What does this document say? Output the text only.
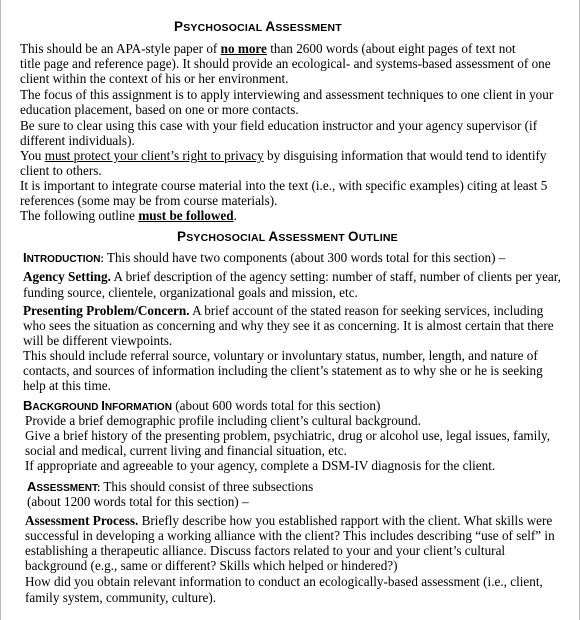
PSYCHOSOCIAL ASSESSMENT
This should be an APA-style paper of no more than 2600 words (about eight pages of text not
title page and reference page). It should provide an ecological- and systems-based assessment of one
client within the context of his or her environment.
The focus of this assignment is to apply interviewing and assessment techniques to one client in your
education placement, based on one or more contacts.
Be sure to clear using this case with your field education instructor and your agency supervisor (if
different individuals).
You must protect your client’s right to privacy by disguising information that would tend to identify
client to others.
It is important to integrate course material into the text (i.e., with specific examples) citing at least 5
references (some may be from course materials).
The following outline must be followed.
PSYCHOSOCIAL ASSESSMENT OUTLINE
INTRODUCTION: This should have two components (about 300 words total for this section) –
Agency Setting. A brief description of the agency setting: number of staff, number of clients per year,
funding source, clientele, organizational goals and mission, etc.
Presenting Problem/Concern. A brief account of the stated reason for seeking services, including
who sees the situation as concerning and why they see it as concerning. It is almost certain that there
will be different viewpoints.
This should include referral source, voluntary or involuntary status, number, length, and nature of
contacts, and sources of information including the client’s statement as to why she or he is seeking
help at this time.
BACKGROUND INFORMATION (about 600 words total for this section)
Provide a brief demographic profile including client’s cultural background.
Give a brief history of the presenting problem, psychiatric, drug or alcohol use, legal issues, family,
social and medical, current living and financial situation, etc.
If appropriate and agreeable to your agency, complete a DSM-IV diagnosis for the client.
ASSESSMENT: This should consist of three subsections
(about 1200 words total for this section) –
Assessment Process. Briefly describe how you established rapport with the client. What skills were
successful in developing a working alliance with the client? This includes describing “use of self” in
establishing a therapeutic alliance. Discuss factors related to your and your client’s cultural
background (e.g., same or different? Skills which helped or hindered?)
How did you obtain relevant information to conduct an ecologically-based assessment (i.e., client,
family system, community, culture).
